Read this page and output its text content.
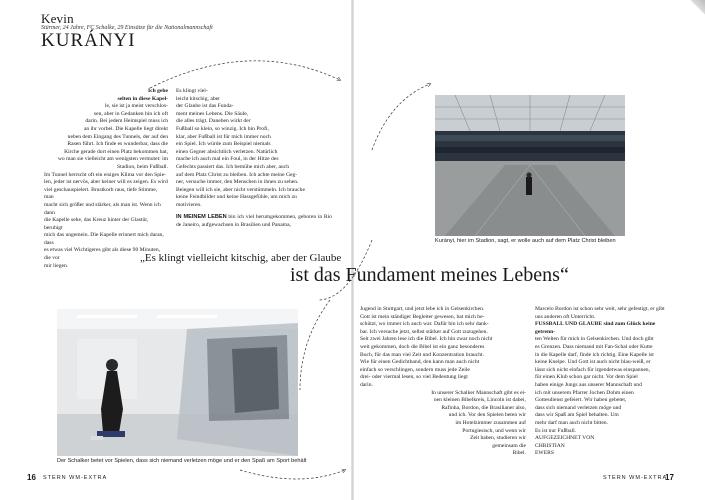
Kevin
Stürmer, 24 Jahre, FC Schalke, 29 Einsätze für die Nationalmannschaft
KURÁNYI
Ich gehe
selten in diese Kapel-
le, sie ist ja meist verschlos-
sen, aber in Gedanken bin ich oft
darin. Bei jedem Heimspiel muss ich
an ihr vorbei. Die Kapelle liegt direkt
neben dem Eingang des Tunnels, der auf den
Rasen führt. Ich finde es wunderbar, dass die
Kirche gerade dort einen Platz bekommen hat,
wo man sie vielleicht am wenigsten vermutet: im
Stadion, beim Fußball.
Im Tunnel herrscht oft ein eisiges Klima vor den Spie-
len, jeder ist nervös, aber keiner will es zeigen. Es wird
viel geschauspielert. Brustkorb raus, tiefe Stimme, man
macht sich größer und stärker, als man ist. Wenn ich dann
die Kapelle sehe, das Kreuz hinter der Glastür, beruhigt
mich das ungemein. Die Kapelle erinnert mich daran, dass
es etwas viel Wichtigeres gibt als diese 90 Minuten, die vor
mir liegen.
Es klingt viel-
leicht kitschig, aber
der Glaube ist das Funda-
ment meines Lebens. Die Säule,
die alles trägt. Daneben wirkt der
Fußball so klein, so winzig. Ich bin Profi,
klar, aber Fußball ist für mich immer noch
ein Spiel. Ich würde zum Beispiel niemals
einen Gegner absichtlich verletzen. Natürlich
mache ich auch mal ein Foul, in der Hitze des
Gefechts passiert das. Ich bemühe mich aber, auch
auf dem Platz Christ zu bleiben. Ich achte meine Geg-
ner, versuche immer, den Menschen in ihnen zu sehen.
Beiegen will ich sie, aber nicht verstümmeln. Ich brauche
keine Feindbilder und keine Hassgefühle, um mich zu
motivieren.
IN MEINEM LEBEN bin ich viel herumgekommen, geboren in Rio de Janeiro, aufgewachsen in Brasilien und Panama,
Kurányi, hier im Stadion, sagt, er wolle auch auf dem Platz Christ bleiben
„Es klingt vielleicht kitschig, aber der Glaube
ist das Fundament meines Lebens“
Der Schalker betet vor Spielen, dass sich niemand verletzen möge und er den Spaß am Sport behält
Jugend in Stuttgart, und jetzt lebe ich in Gelsenkirchen.
Gott ist mein ständiger Begleiter gewesen, hat mich be-
schützt, wo immer ich auch war. Dafür bin ich sehr dank-
bar. Ich versuche jetzt, selbst stärker auf Gott zuzugehen.
Seit zwei Jahren lese ich die Bibel. Ich bin zwar noch nicht
weit gekommen, doch die Bibel ist ein ganz besonderes
Buch, für das man viel Zeit und Konzentration braucht.
Wie für einen Gedichtband, den kann man auch nicht
einfach so verschlingen, sondern muss jede Zeile
drei- oder viermal lesen, so viel Bedeutung liegt
darin.
In unserer Schalker Mannschaft gibt es ei-
nen kleinen Bibelkreis, Lincoln ist dabei,
Rafinha, Bordon, die Brasilianer also,
und ich. Vor den Spielen beten wir
im Hotelzimmer zusammen auf
Portugiesisch, und wenn wir
Zeit haben, studieren wir
gemeinsam die
Bibel.
Marcelo Bordon ist schon sehr weit, sehr gefestigt, er gibt
uns anderen oft Unterricht.
FUSSBALL UND GLAUBE sind zum Glück keine getrenn-
ten Welten für mich in Gelsenkirchen. Und doch gibt
es Grenzen. Dass niemand mit Fan-Schal oder Kutte
in die Kapelle darf, finde ich richtig. Eine Kapelle ist
keine Kneipe. Und Gott ist auch nicht blau-weiß, er
lässt sich nicht einfach für irgendetwas einspannen,
für einen Klub schon gar nicht. Vor dem Spiel
haben einige Jungs aus unserer Mannschaft und
ich mit unserem Pfarrer Jochen Dohm einen
Gottesdienst gefeiert. Wir haben gebetet,
dass sich niemand verletzen möge und
dass wir Spaß am Spiel behalten. Um
mehr darf man auch nicht bitten.
Es ist nur Fußball.
AUFGEZEICHNET VON
CHRISTIAN
EWERS
16 STERN WM-EXTRA	STERN WM-EXTRA
17
